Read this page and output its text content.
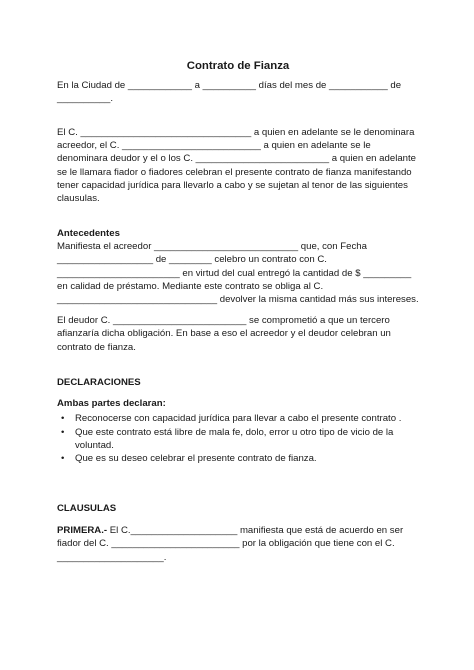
Contrato de Fianza

En la Ciudad de ____________ a __________ días del mes de ___________ de __________.

El C. ________________________________ a quien en adelante se le denominara acreedor, el C. __________________________ a quien en adelante se le denominara deudor y el o los C. _________________________ a quien en adelante se le llamara fiador o fiadores celebran el presente contrato de fianza manifestando tener capacidad jurídica para llevarlo a cabo y se sujetan al tenor de las siguientes clausulas.

Antecedentes

Manifiesta el acreedor ___________________________ que, con Fecha __________________ de ________ celebro un contrato con C. _______________________ en virtud del cual entregó la cantidad de $ _________ en calidad de préstamo. Mediante este contrato se obliga al C. ______________________________ devolver la misma cantidad más sus intereses.

El deudor C. _________________________ se comprometió a que un tercero afianzaría dicha obligación. En base a eso el acreedor y el deudor celebran un contrato de fianza.

DECLARACIONES

Ambas partes declaran:

• Reconocerse con capacidad jurídica para llevar a cabo el presente contrato .
• Que este contrato está libre de mala fe, dolo, error u otro tipo de vicio de la voluntad.
• Que es su deseo celebrar el presente contrato de fianza.

CLAUSULAS

PRIMERA.- El C.____________________ manifiesta que está de acuerdo en ser fiador del C. ________________________ por la obligación que tiene con el C. ____________________.
